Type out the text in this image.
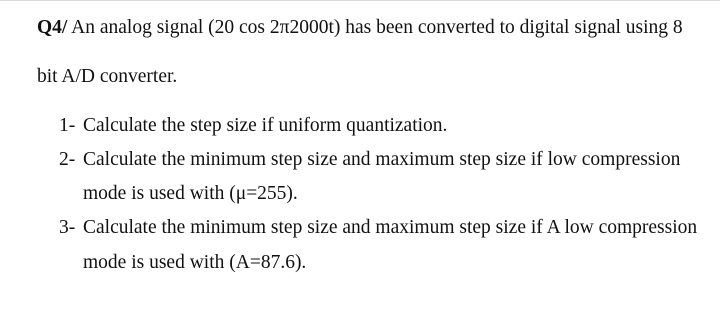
Q4/ An analog signal (20 cos 2π2000t) has been converted to digital signal using 8
bit A/D converter.
1- Calculate the step size if uniform quantization.
2- Calculate the minimum step size and maximum step size if low compression
mode is used with (μ=255).
3- Calculate the minimum step size and maximum step size if A low compression
mode is used with (A=87.6).
